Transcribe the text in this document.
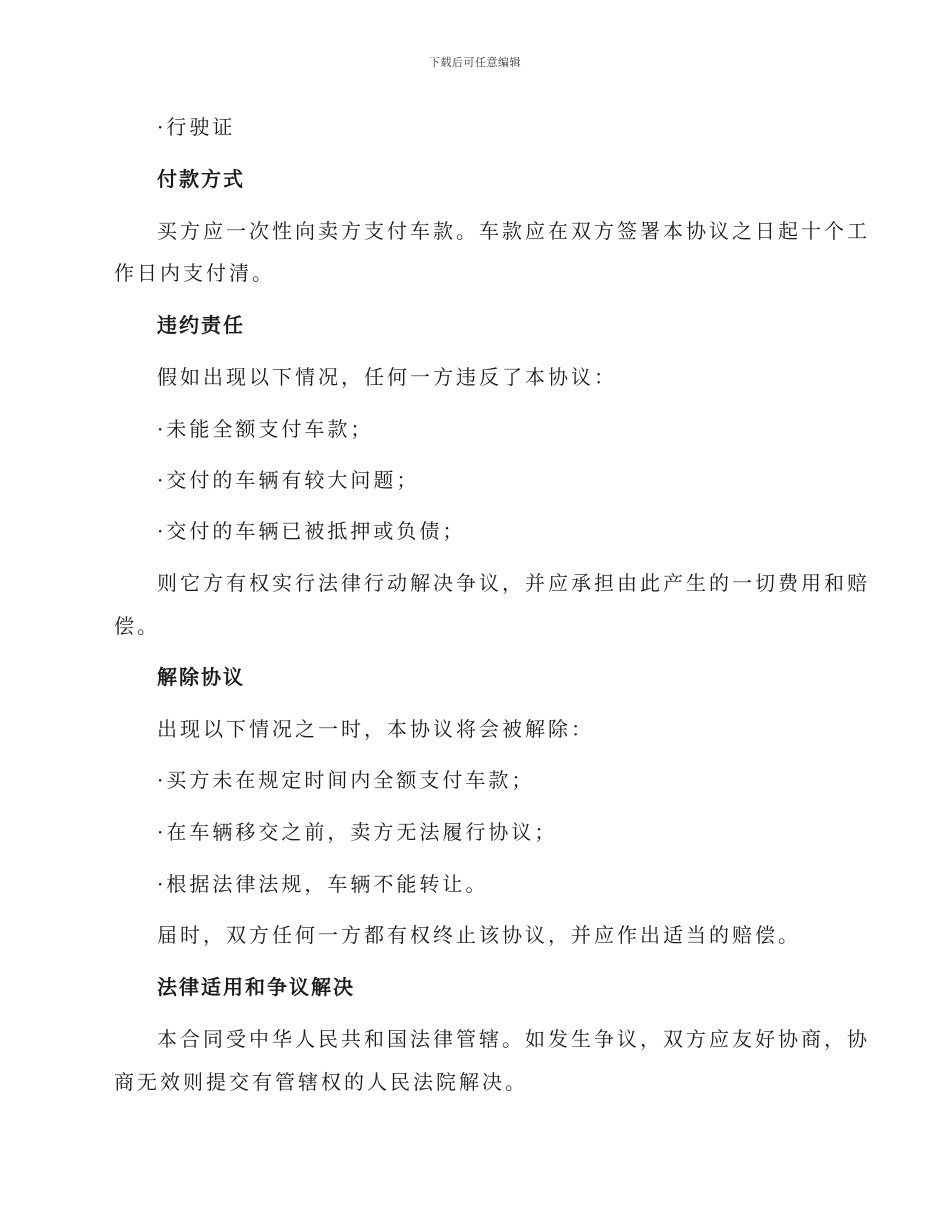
下载后可任意编辑
·行驶证
付款方式
买方应一次性向卖方支付车款。车款应在双方签署本协议之日起十个工
作日内支付清。
违约责任
假如出现以下情况，任何一方违反了本协议：
·未能全额支付车款；
·交付的车辆有较大问题；
·交付的车辆已被抵押或负债；
则它方有权实行法律行动解决争议，并应承担由此产生的一切费用和赔
偿。
解除协议
出现以下情况之一时，本协议将会被解除：
·买方未在规定时间内全额支付车款；
·在车辆移交之前，卖方无法履行协议；
·根据法律法规，车辆不能转让。
届时，双方任何一方都有权终止该协议，并应作出适当的赔偿。
法律适用和争议解决
本合同受中华人民共和国法律管辖。如发生争议，双方应友好协商，协
商无效则提交有管辖权的人民法院解决。
